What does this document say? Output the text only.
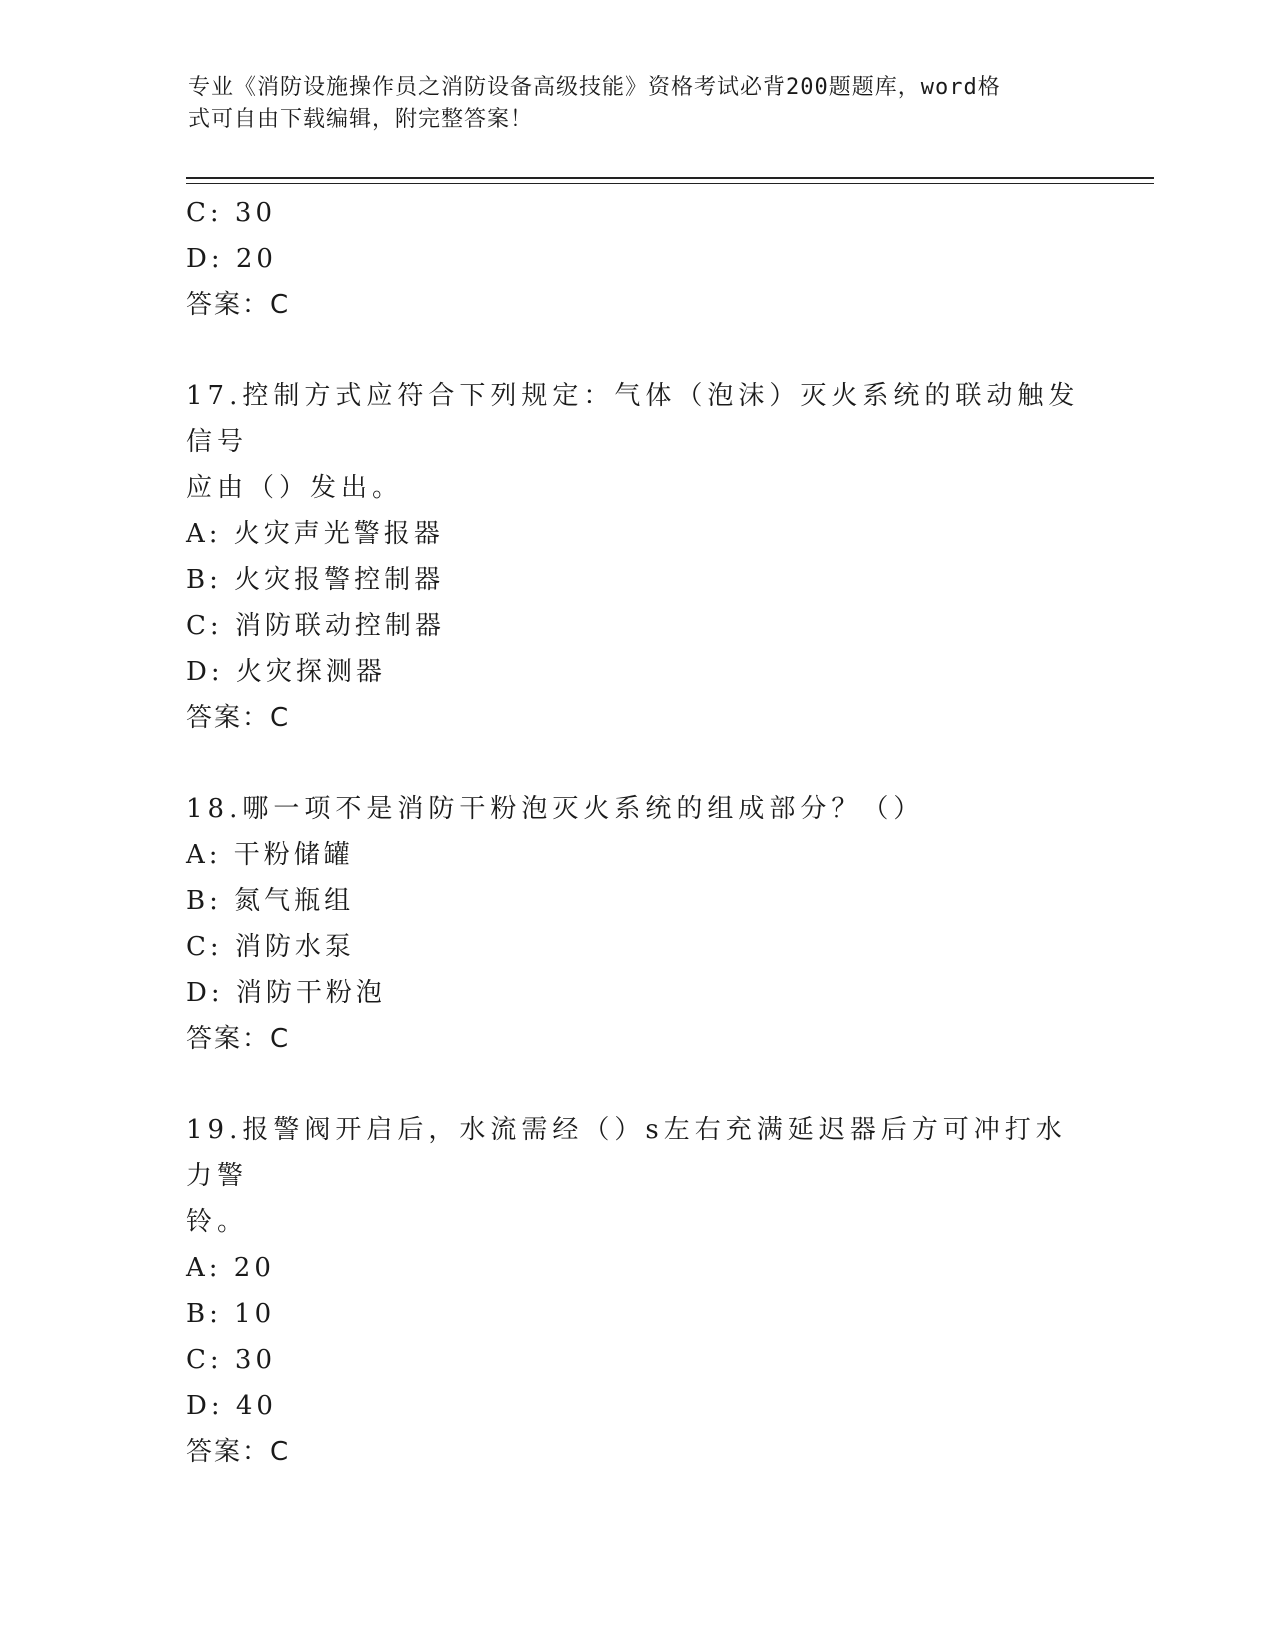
专业《消防设施操作员之消防设备高级技能》资格考试必背200题题库，word格
式可自由下载编辑，附完整答案！
C: 30
D: 20
答案：C
17.控制方式应符合下列规定：气体（泡沫）灭火系统的联动触发信号
应由（）发出。
A: 火灾声光警报器
B: 火灾报警控制器
C: 消防联动控制器
D: 火灾探测器
答案：C
18.哪一项不是消防干粉泡灭火系统的组成部分？（）
A: 干粉储罐
B: 氮气瓶组
C: 消防水泵
D: 消防干粉泡
答案：C
19.报警阀开启后，水流需经（）s左右充满延迟器后方可冲打水力警
铃。
A: 20
B: 10
C: 30
D: 40
答案：C
